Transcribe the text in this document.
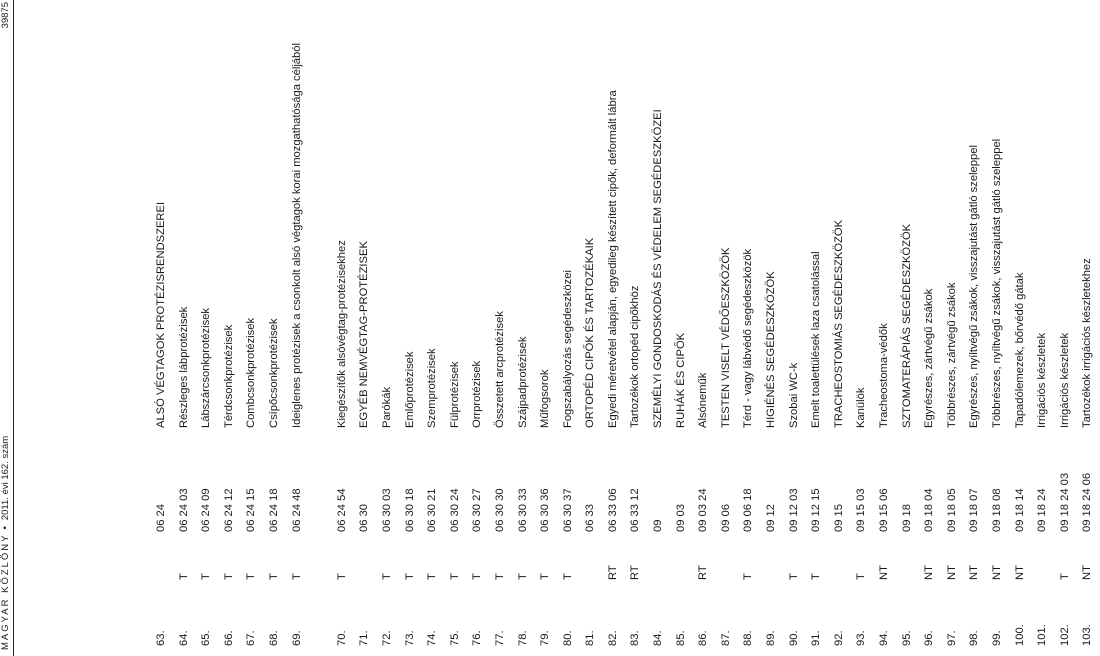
MAGYAR KÖZLÖNY•2011. évi 162. szám
39875
63.
06 24
ALSÓ VÉGTAGOK PROTÉZISRENDSZEREI
64.
T
06 24 03
Részleges lábprotézisek
65.
T
06 24 09
Lábszárcsonkprotézisek
66.
T
06 24 12
Térdcsonkprotézisek
67.
T
06 24 15
Combcsonkprotézisek
68.
T
06 24 18
Csípőcsonkprotézisek
69.
T
06 24 48
Ideiglenes protézisek a csonkolt alsó végtagok korai mozgathatósága céljából
70.
T
06 24 54
Kiegészítők alsóvégtag-protézisekhez
71.
06 30
EGYÉB NEMVÉGTAG-PROTÉZISEK
72.
T
06 30 03
Parókák
73.
T
06 30 18
Emlőprotézisek
74.
T
06 30 21
Szemprotézisek
75.
T
06 30 24
Fülprotézisek
76.
T
06 30 27
Orrprotézisek
77.
T
06 30 30
Összetett arcprotézisek
78.
T
06 30 33
Szájpadprotézisek
79.
T
06 30 36
Műfogsorok
80.
T
06 30 37
Fogszabályozás segédeszközei
81.
06 33
ORTOPÉD CIPŐK ÉS TARTOZÉKAIK
82.
RT
06 33 06
Egyedi méretvétel alapján, egyedileg készített cipők, deformált lábra
83.
RT
06 33 12
Tartozékok ortopéd cipőkhöz
84.
09
SZEMÉLYI GONDOSKODÁS ÉS VÉDELEM SEGÉDESZKÖZEI
85.
09 03
RUHÁK ÉS CIPŐK
86.
RT
09 03 24
Alsóneműk
87.
09 06
TESTEN VISELT VÉDŐESZKÖZÖK
88.
T
09 06 18
Térd - vagy lábvédő segédeszközök
89.
09 12
HIGIÉNÉS SEGÉDESZKÖZÖK
90.
T
09 12 03
Szobai WC-k
91.
T
09 12 15
Emelt toalettülések laza csatolással
92.
09 15
TRACHEOSTOMIÁS SEGÉDESZKÖZÖK
93.
T
09 15 03
Kanülök
94.
NT
09 15 06
Tracheostoma-védők
95.
09 18
SZTOMATERÁPIÁS SEGÉDESZKÖZÖK
96.
NT
09 18 04
Egyrészes, zártvégű zsákok
97.
NT
09 18 05
Többrészes, zártvégű zsákok
98.
NT
09 18 07
Egyrészes, nyíltvégű zsákok, visszajutást gátló szeleppel
99.
NT
09 18 08
Többrészes, nyíltvégű zsákok, visszajutást gátló szeleppel
100.
NT
09 18 14
Tapadólemezek, bőrvédő gátak
101.
09 18 24
Irrigációs készletek
102.
T
09 18 24 03
Irrigációs készletek
103.
NT
09 18 24 06
Tartozékok irrigációs készletekhez
